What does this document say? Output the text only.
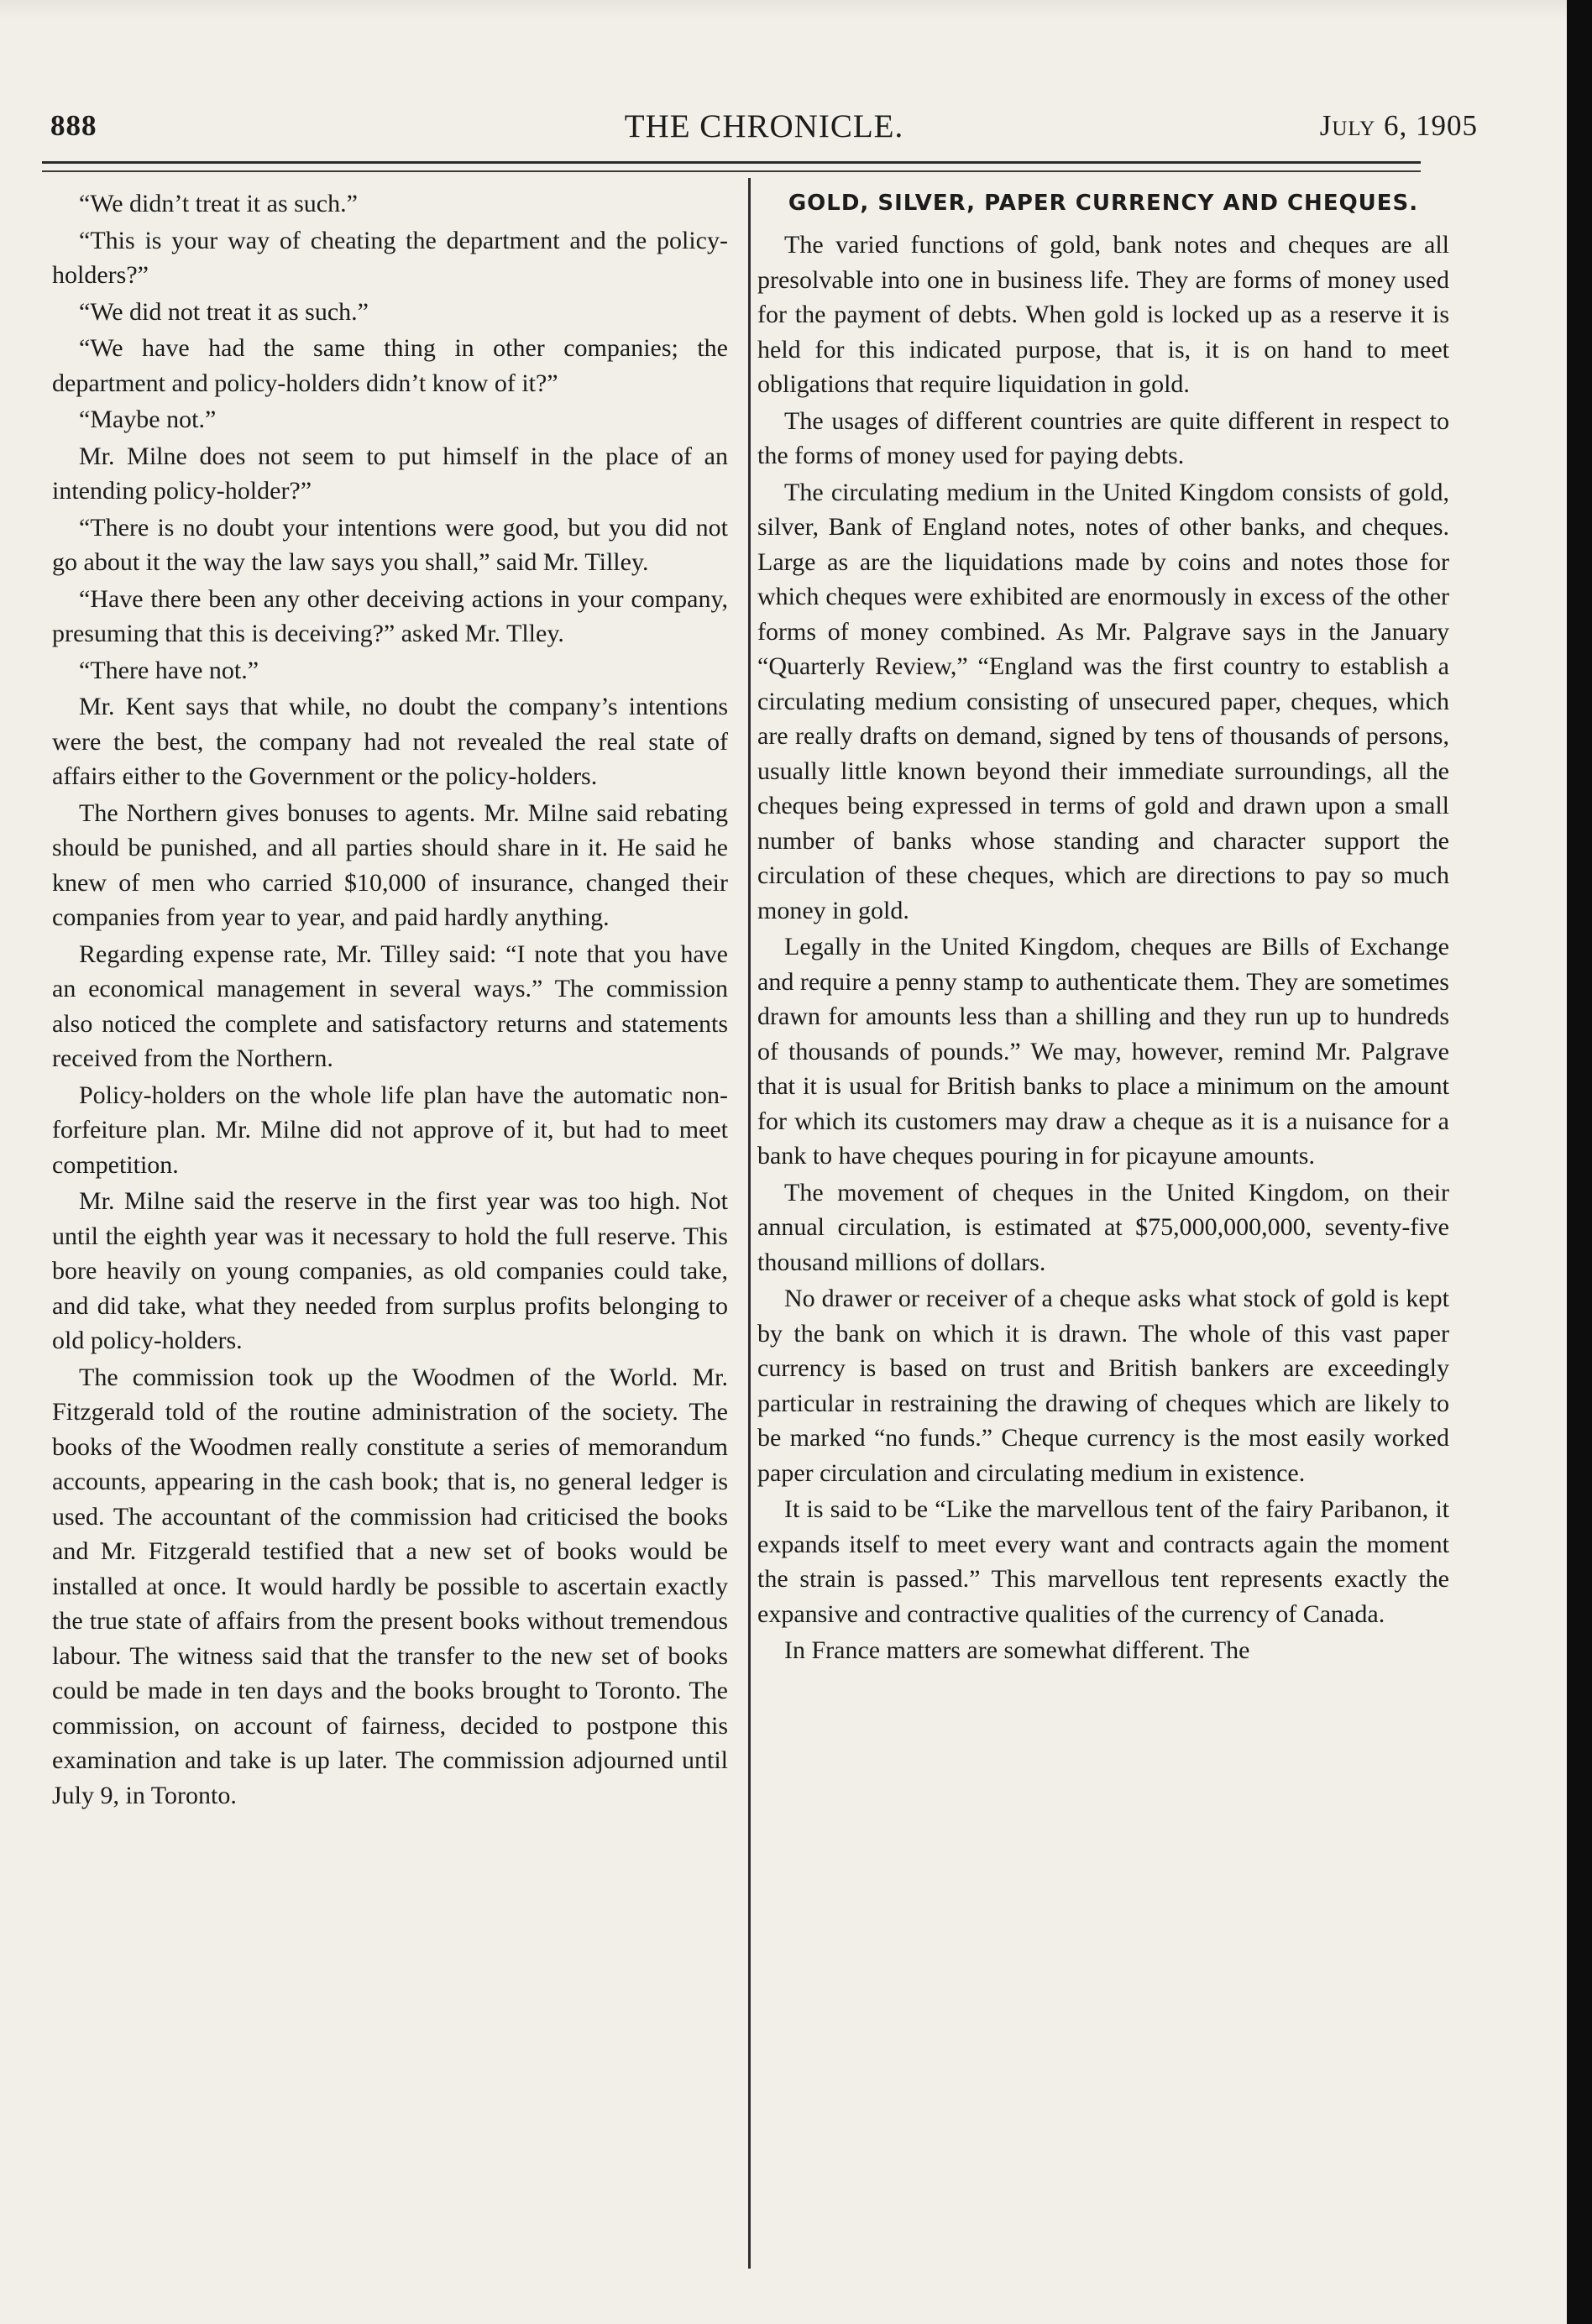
888	THE CHRONICLE.	July 6, 1905

“We didn’t treat it as such.”

“This is your way of cheating the department and the policy-holders?”

“We did not treat it as such.”

“We have had the same thing in other companies; the department and policy-holders didn’t know of it?”

“Maybe not.”

Mr. Milne does not seem to put himself in the place of an intending policy-holder?”

“There is no doubt your intentions were good, but you did not go about it the way the law says you shall,” said Mr. Tilley.

“Have there been any other deceiving actions in your company, presuming that this is deceiving?” asked Mr. Tlley.

“There have not.”

Mr. Kent says that while, no doubt the company’s intentions were the best, the company had not revealed the real state of affairs either to the Government or the policy-holders.

The Northern gives bonuses to agents. Mr. Milne said rebating should be punished, and all parties should share in it. He said he knew of men who carried $10,000 of insurance, changed their companies from year to year, and paid hardly anything.

Regarding expense rate, Mr. Tilley said: “I note that you have an economical management in several ways.” The commission also noticed the complete and satisfactory returns and statements received from the Northern.

Policy-holders on the whole life plan have the automatic non-forfeiture plan. Mr. Milne did not approve of it, but had to meet competition.

Mr. Milne said the reserve in the first year was too high. Not until the eighth year was it necessary to hold the full reserve. This bore heavily on young companies, as old companies could take, and did take, what they needed from surplus profits belonging to old policy-holders.

The commission took up the Woodmen of the World. Mr. Fitzgerald told of the routine administration of the society. The books of the Woodmen really constitute a series of memorandum accounts, appearing in the cash book; that is, no general ledger is used. The accountant of the commission had criticised the books and Mr. Fitzgerald testified that a new set of books would be installed at once. It would hardly be possible to ascertain exactly the true state of affairs from the present books without tremendous labour. The witness said that the transfer to the new set of books could be made in ten days and the books brought to Toronto. The commission, on account of fairness, decided to postpone this examination and take is up later. The commission adjourned until July 9, in Toronto.

GOLD, SILVER, PAPER CURRENCY AND CHEQUES.

The varied functions of gold, bank notes and cheques are all presolvable into one in business life. They are forms of money used for the payment of debts. When gold is locked up as a reserve it is held for this indicated purpose, that is, it is on hand to meet obligations that require liquidation in gold.

The usages of different countries are quite different in respect to the forms of money used for paying debts.

The circulating medium in the United Kingdom consists of gold, silver, Bank of England notes, notes of other banks, and cheques. Large as are the liquidations made by coins and notes those for which cheques were exhibited are enormously in excess of the other forms of money combined. As Mr. Palgrave says in the January “Quarterly Review,” “England was the first country to establish a circulating medium consisting of unsecured paper, cheques, which are really drafts on demand, signed by tens of thousands of persons, usually little known beyond their immediate surroundings, all the cheques being expressed in terms of gold and drawn upon a small number of banks whose standing and character support the circulation of these cheques, which are directions to pay so much money in gold.

Legally in the United Kingdom, cheques are Bills of Exchange and require a penny stamp to authenticate them. They are sometimes drawn for amounts less than a shilling and they run up to hundreds of thousands of pounds.” We may, however, remind Mr. Palgrave that it is usual for British banks to place a minimum on the amount for which its customers may draw a cheque as it is a nuisance for a bank to have cheques pouring in for picayune amounts.

The movement of cheques in the United Kingdom, on their annual circulation, is estimated at $75,000,000,000, seventy-five thousand millions of dollars.

No drawer or receiver of a cheque asks what stock of gold is kept by the bank on which it is drawn. The whole of this vast paper currency is based on trust and British bankers are exceedingly particular in restraining the drawing of cheques which are likely to be marked “no funds.” Cheque currency is the most easily worked paper circulation and circulating medium in existence.

It is said to be “Like the marvellous tent of the fairy Paribanon, it expands itself to meet every want and contracts again the moment the strain is passed.” This marvellous tent represents exactly the expansive and contractive qualities of the currency of Canada.

In France matters are somewhat different. The
